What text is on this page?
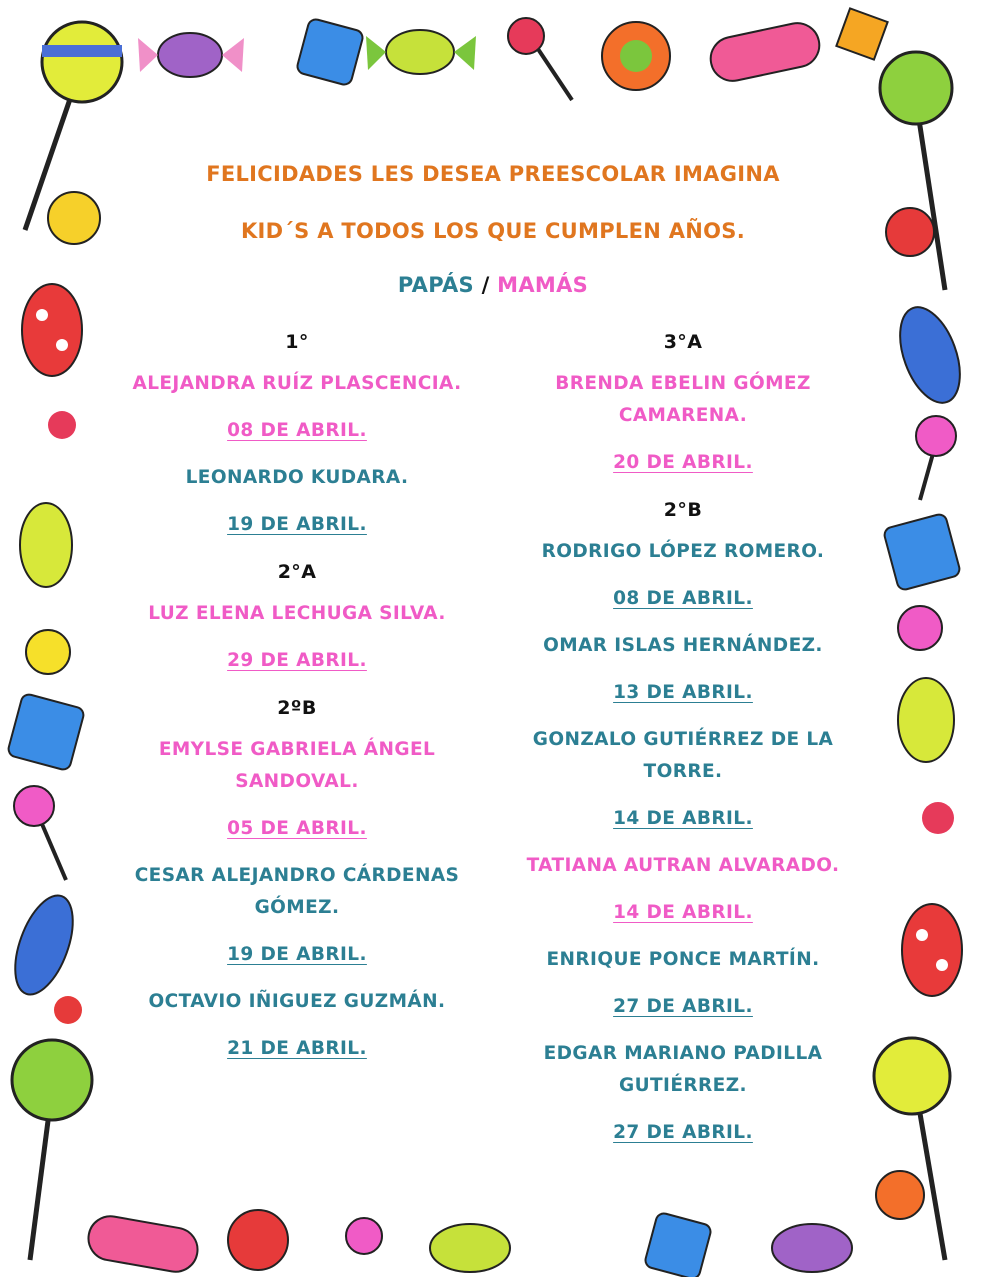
FELICIDADES LES DESEA PREESCOLAR IMAGINA
KID´S A TODOS LOS QUE CUMPLEN AÑOS.
PAPÁS / MAMÁS

1°

ALEJANDRA RUÍZ PLASCENCIA.

08 DE ABRIL.

LEONARDO KUDARA.

19 DE ABRIL.

2°A

LUZ ELENA LECHUGA SILVA.

29 DE ABRIL.

2ºB

EMYLSE GABRIELA ÁNGEL SANDOVAL.

05 DE ABRIL.

CESAR ALEJANDRO CÁRDENAS GÓMEZ.

19 DE ABRIL.

OCTAVIO IÑIGUEZ GUZMÁN.

21 DE ABRIL.

3°A

BRENDA EBELIN GÓMEZ CAMARENA.

20 DE ABRIL.

2°B

RODRIGO LÓPEZ ROMERO.

08 DE ABRIL.

OMAR ISLAS HERNÁNDEZ.

13 DE ABRIL.

GONZALO GUTIÉRREZ DE LA TORRE.

14 DE ABRIL.

TATIANA AUTRAN ALVARADO.

14 DE ABRIL.

ENRIQUE PONCE MARTÍN.

27 DE ABRIL.

EDGAR MARIANO PADILLA GUTIÉRREZ.

27 DE ABRIL.
